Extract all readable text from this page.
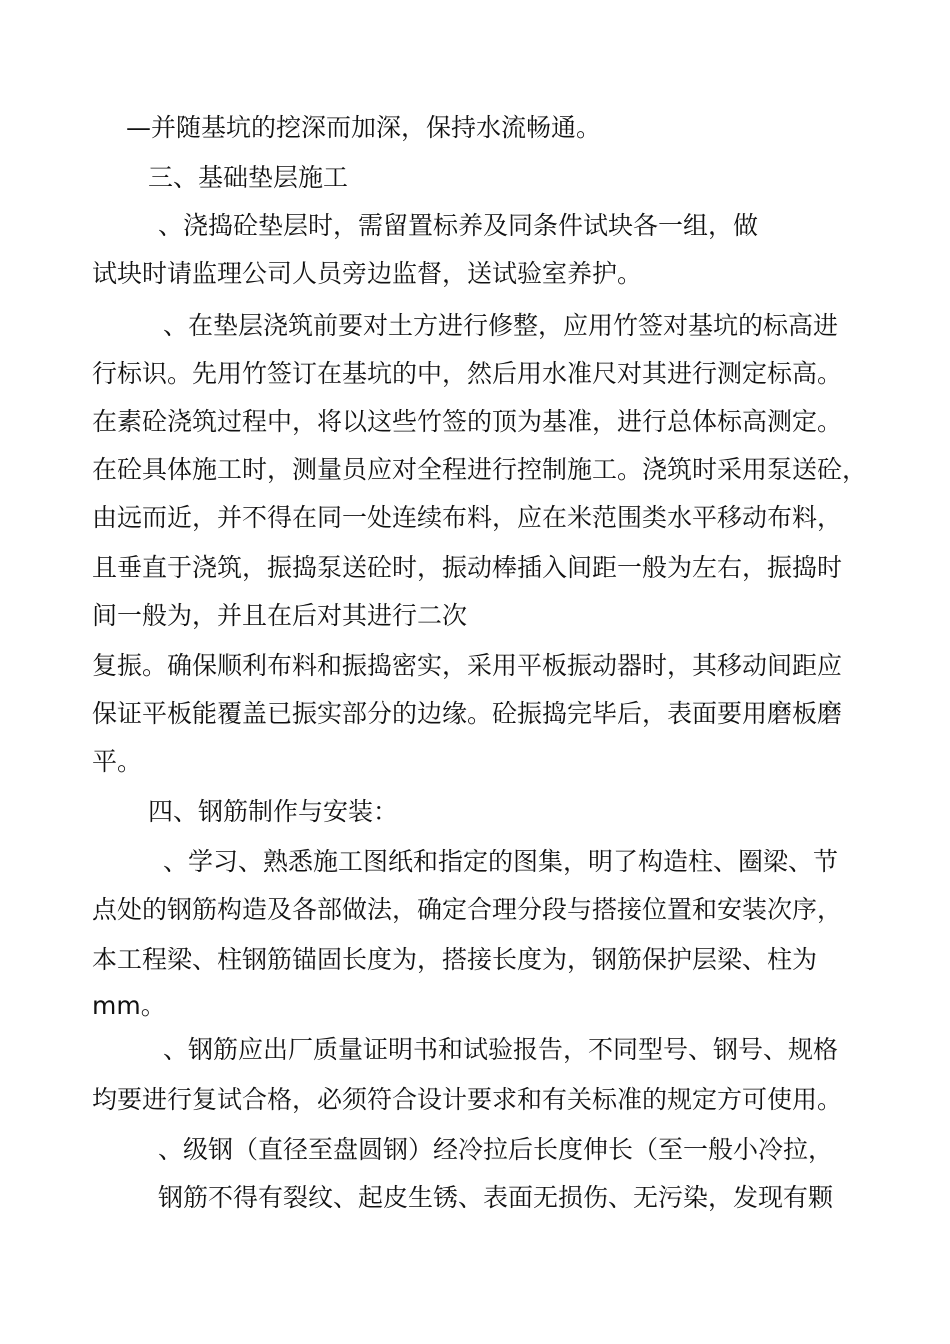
—并随基坑的挖深而加深，保持水流畅通。
三、基础垫层施工
、浇捣砼垫层时，需留置标养及同条件试块各一组，做
试块时请监理公司人员旁边监督，送试验室养护。
、在垫层浇筑前要对土方进行修整，应用竹签对基坑的标高进
行标识。先用竹签订在基坑的中，然后用水准尺对其进行测定标高。
在素砼浇筑过程中，将以这些竹签的顶为基准，进行总体标高测定。
在砼具体施工时，测量员应对全程进行控制施工。浇筑时采用泵送砼，
由远而近，并不得在同一处连续布料，应在米范围类水平移动布料，
且垂直于浇筑，振捣泵送砼时，振动棒插入间距一般为左右，振捣时
间一般为，并且在后对其进行二次
复振。确保顺利布料和振捣密实，采用平板振动器时，其移动间距应
保证平板能覆盖已振实部分的边缘。砼振捣完毕后，表面要用磨板磨
平。
四、钢筋制作与安装：
、学习、熟悉施工图纸和指定的图集，明了构造柱、圈梁、节
点处的钢筋构造及各部做法，确定合理分段与搭接位置和安装次序，
本工程梁、柱钢筋锚固长度为，搭接长度为，钢筋保护层梁、柱为
mm。
、钢筋应出厂质量证明书和试验报告，不同型号、钢号、规格
均要进行复试合格，必须符合设计要求和有关标准的规定方可使用。
、级钢（直径至盘圆钢）经冷拉后长度伸长（至一般小冷拉，
钢筋不得有裂纹、起皮生锈、表面无损伤、无污染，发现有颗
